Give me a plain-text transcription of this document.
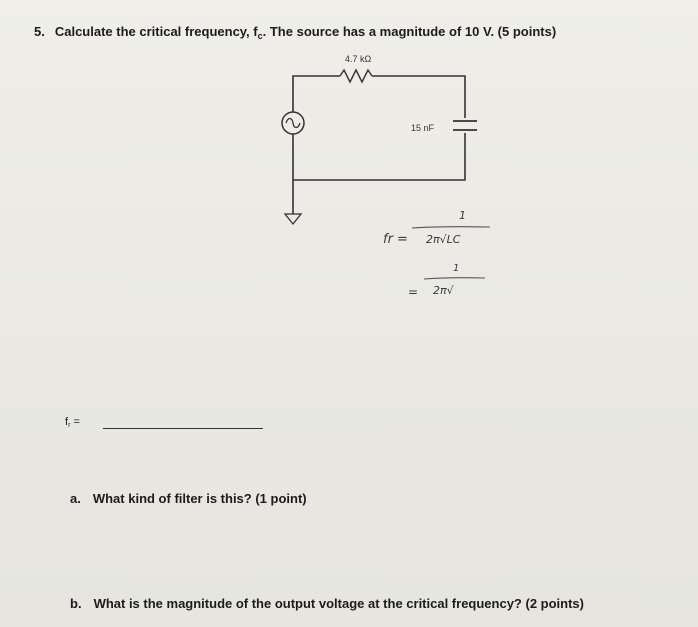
5. Calculate the critical frequency, $f_c$. The source has a magnitude of 10 V. (5 points)
4.7 kΩ
15 nF
fr =
1
2π√LC
=
1
2π√
$f_r$ =
a. What kind of filter is this? (1 point)
b. What is the magnitude of the output voltage at the critical frequency? (2 points)
